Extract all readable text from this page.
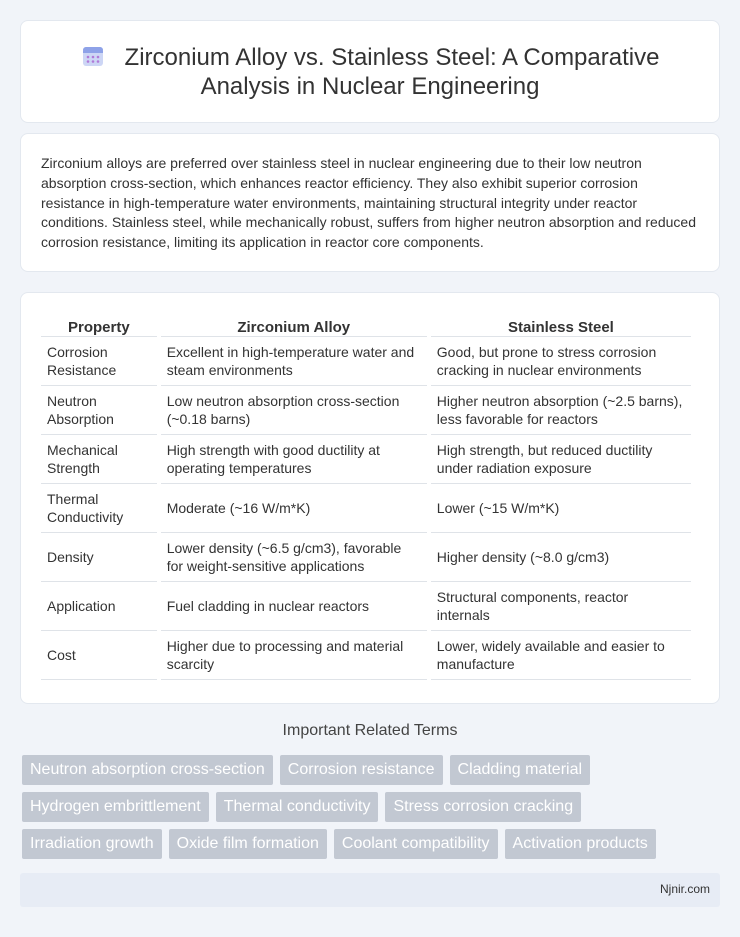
Zirconium Alloy vs. Stainless Steel: A Comparative
Analysis in Nuclear Engineering

Zirconium alloys are preferred over stainless steel in nuclear engineering due to their low neutron absorption cross-section, which enhances reactor efficiency. They also exhibit superior corrosion resistance in high-temperature water environments, maintaining structural integrity under reactor conditions. Stainless steel, while mechanically robust, suffers from higher neutron absorption and reduced corrosion resistance, limiting its application in reactor core components.

Property	Zirconium Alloy	Stainless Steel
Corrosion Resistance	Excellent in high-temperature water and steam environments	Good, but prone to stress corrosion cracking in nuclear environments
Neutron Absorption	Low neutron absorption cross-section (~0.18 barns)	Higher neutron absorption (~2.5 barns), less favorable for reactors
Mechanical Strength	High strength with good ductility at operating temperatures	High strength, but reduced ductility under radiation exposure
Thermal Conductivity	Moderate (~16 W/m*K)	Lower (~15 W/m*K)
Density	Lower density (~6.5 g/cm3), favorable for weight-sensitive applications	Higher density (~8.0 g/cm3)
Application	Fuel cladding in nuclear reactors	Structural components, reactor internals
Cost	Higher due to processing and material scarcity	Lower, widely available and easier to manufacture
Important Related Terms
Neutron absorption cross-section	Corrosion resistance	Cladding material
Hydrogen embrittlement	Thermal conductivity	Stress corrosion cracking
Irradiation growth	Oxide film formation	Coolant compatibility	Activation products
Njnir.com
